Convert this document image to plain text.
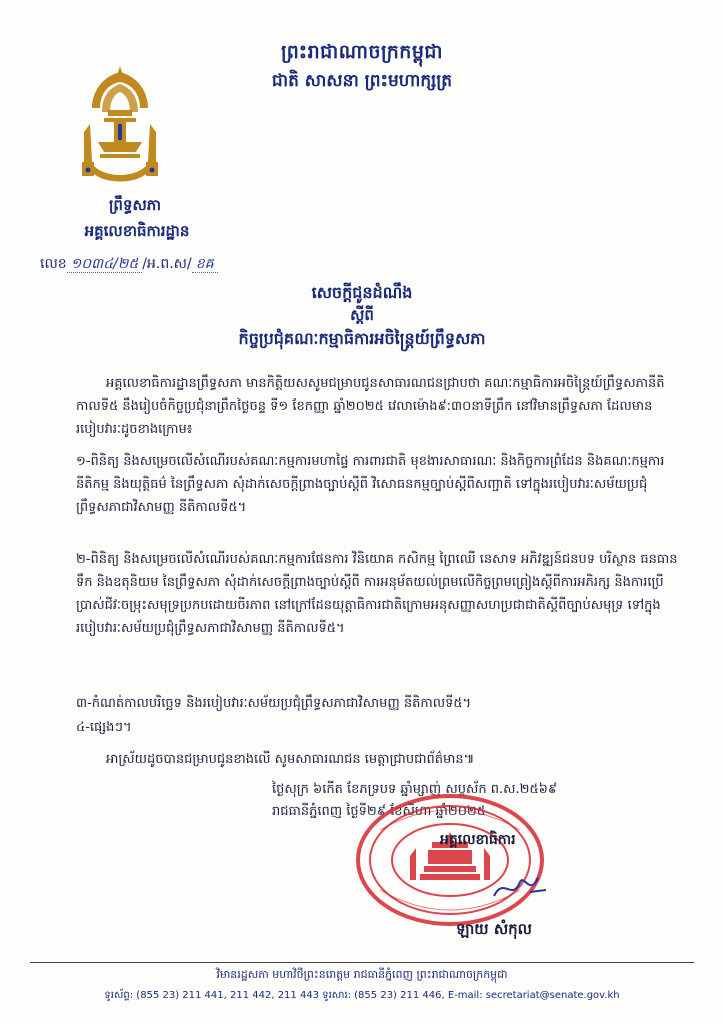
ព្រះរាជាណាចក្រកម្ពុជា
ជាតិ សាសនា ព្រះមហាក្សត្រ
ព្រឹទ្ធសភា
អគ្គលេខាធិការដ្ឋាន
លេខ ១០៣៤/២៥ /អ.ព.ស/ ខឝ
សេចក្តីជូនដំណឹង
ស្តីពី
កិច្ចប្រជុំគណៈកម្មាធិការអចិន្ត្រៃយ៍ព្រឹទ្ធសភា
អគ្គលេខាធិការដ្ឋានព្រឹទ្ធសភា មានកិត្តិយសសូមជម្រាបជូនសាធារណជនជ្រាបថា គណៈកម្មាធិការអចិន្ត្រៃយ៍ព្រឹទ្ធសភានីតិកាលទី៥ នឹងរៀបចំកិច្ចប្រជុំនាព្រឹកថ្ងៃចន្ទ ទី១ ខែកញ្ញា ឆ្នាំ២០២៥ វេលាម៉ោង៩:៣០នាទីព្រឹក នៅវិមានព្រឹទ្ធសភា ដែលមានរបៀបវារៈដូចខាងក្រោម៖
១-ពិនិត្យ និងសម្រេចលើសំណើរបស់គណៈកម្មការមហាផ្ទៃ ការពារជាតិ មុខងារសាធារណៈ និងកិច្ចការព្រំដែន និងគណៈកម្មការនីតិកម្ម និងយុត្តិធម៌ នៃព្រឹទ្ធសភា សុំដាក់សេចក្តីព្រាងច្បាប់ស្តីពី វិសោធនកម្មច្បាប់ស្តីពីសញ្ជាតិ ទៅក្នុងរបៀបវារៈសម័យប្រជុំព្រឹទ្ធសភាជាវិសាមញ្ញ នីតិកាលទី៥។
២-ពិនិត្យ និងសម្រេចលើសំណើរបស់គណៈកម្មការផែនការ វិនិយោគ កសិកម្ម ព្រៃឈើ នេសាទ អភិវឌ្ឍន៍ជនបទ បរិស្ថាន ធនធានទឹក និងឧតុនិយម នៃព្រឹទ្ធសភា សុំដាក់សេចក្តីព្រាងច្បាប់ស្តីពី ការអនុម័តយល់ព្រមលើកិច្ចព្រមព្រៀងស្តីពីការអភិរក្ស និងការប្រើប្រាស់ជីវៈចម្រុះសមុទ្រប្រកបដោយចីរភាព នៅក្រៅដែនយុត្តាធិការជាតិក្រោមអនុសញ្ញាសហប្រជាជាតិស្តីពីច្បាប់សមុទ្រ ទៅក្នុងរបៀបវារៈសម័យប្រជុំព្រឹទ្ធសភាជាវិសាមញ្ញ នីតិកាលទី៥។
៣-កំណត់កាលបរិច្ឆេទ និងរបៀបវារៈសម័យប្រជុំព្រឹទ្ធសភាជាវិសាមញ្ញ នីតិកាលទី៥។
៤-ផ្សេងៗ។
អាស្រ័យដូចបានជម្រាបជូនខាងលើ សូមសាធារណជន មេត្តាជ្រាបជាព័ត៌មាន៕
ថ្ងៃសុក្រ ៦កើត ខែភទ្របទ ឆ្នាំម្សាញ់ សប្តស័ក ព.ស.២៥៦៩
រាជធានីភ្នំពេញ ថ្ងៃទី២៩ ខែសីហា ឆ្នាំ២០២៥
អគ្គលេខាធិការ
ឡាយ សំកុល
វិមានរដ្ឋសភា មហាវិថីព្រះនរោត្តម រាជធានីភ្នំពេញ ព្រះរាជាណាចក្រកម្ពុជា
ទូរស័ព្ទ: (855 23) 211 441, 211 442, 211 443 ទូរសារ: (855 23) 211 446, E-mail: secretariat@senate.gov.kh
